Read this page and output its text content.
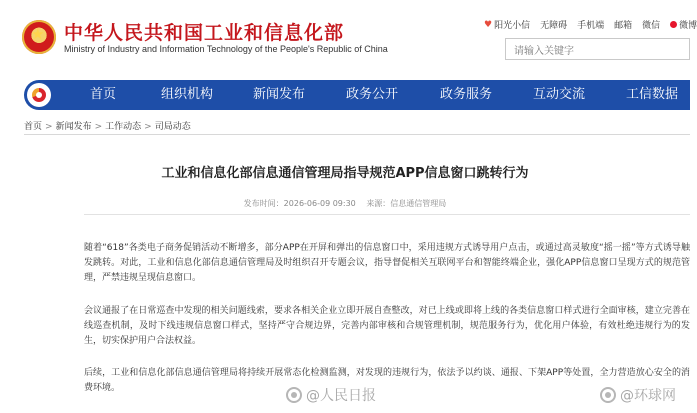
★
中华人民共和国工业和信息化部
Ministry of Industry and Information Technology of the People's Republic of China
♥ 阳光小信 无障碍 手机端 邮箱 微信 微博
请输入关键字
首页	组织机构	新闻发布	政务公开	政务服务	互动交流	工信数据
首页 > 新闻发布 > 工作动态 > 司局动态
工业和信息化部信息通信管理局指导规范APP信息窗口跳转行为
发布时间：2026-06-09 09:30 来源：信息通信管理局

随着“618”各类电子商务促销活动不断增多，部分APP在开屏和弹出的信息窗口中，采用违规方式诱导用户点击，或通过高灵敏度“摇一摇”等方式诱导触发跳转。对此，工业和信息化部信息通信管理局及时组织召开专题会议，指导督促相关互联网平台和智能终端企业，强化APP信息窗口呈现方式的规范管理，严禁违规呈现信息窗口。

会议通报了在日常巡查中发现的相关问题线索，要求各相关企业立即开展自查整改，对已上线或即将上线的各类信息窗口样式进行全面审核，建立完善在线巡查机制，及时下线违规信息窗口样式，坚持严守合规边界，完善内部审核和合规管理机制，规范服务行为，优化用户体验，有效杜绝违规行为的发生，切实保护用户合法权益。

后续，工业和信息化部信息通信管理局将持续开展常态化检测监测，对发现的违规行为，依法予以约谈、通报、下架APP等处置，全力营造放心安全的消费环境。	@人民日报	@环球网
